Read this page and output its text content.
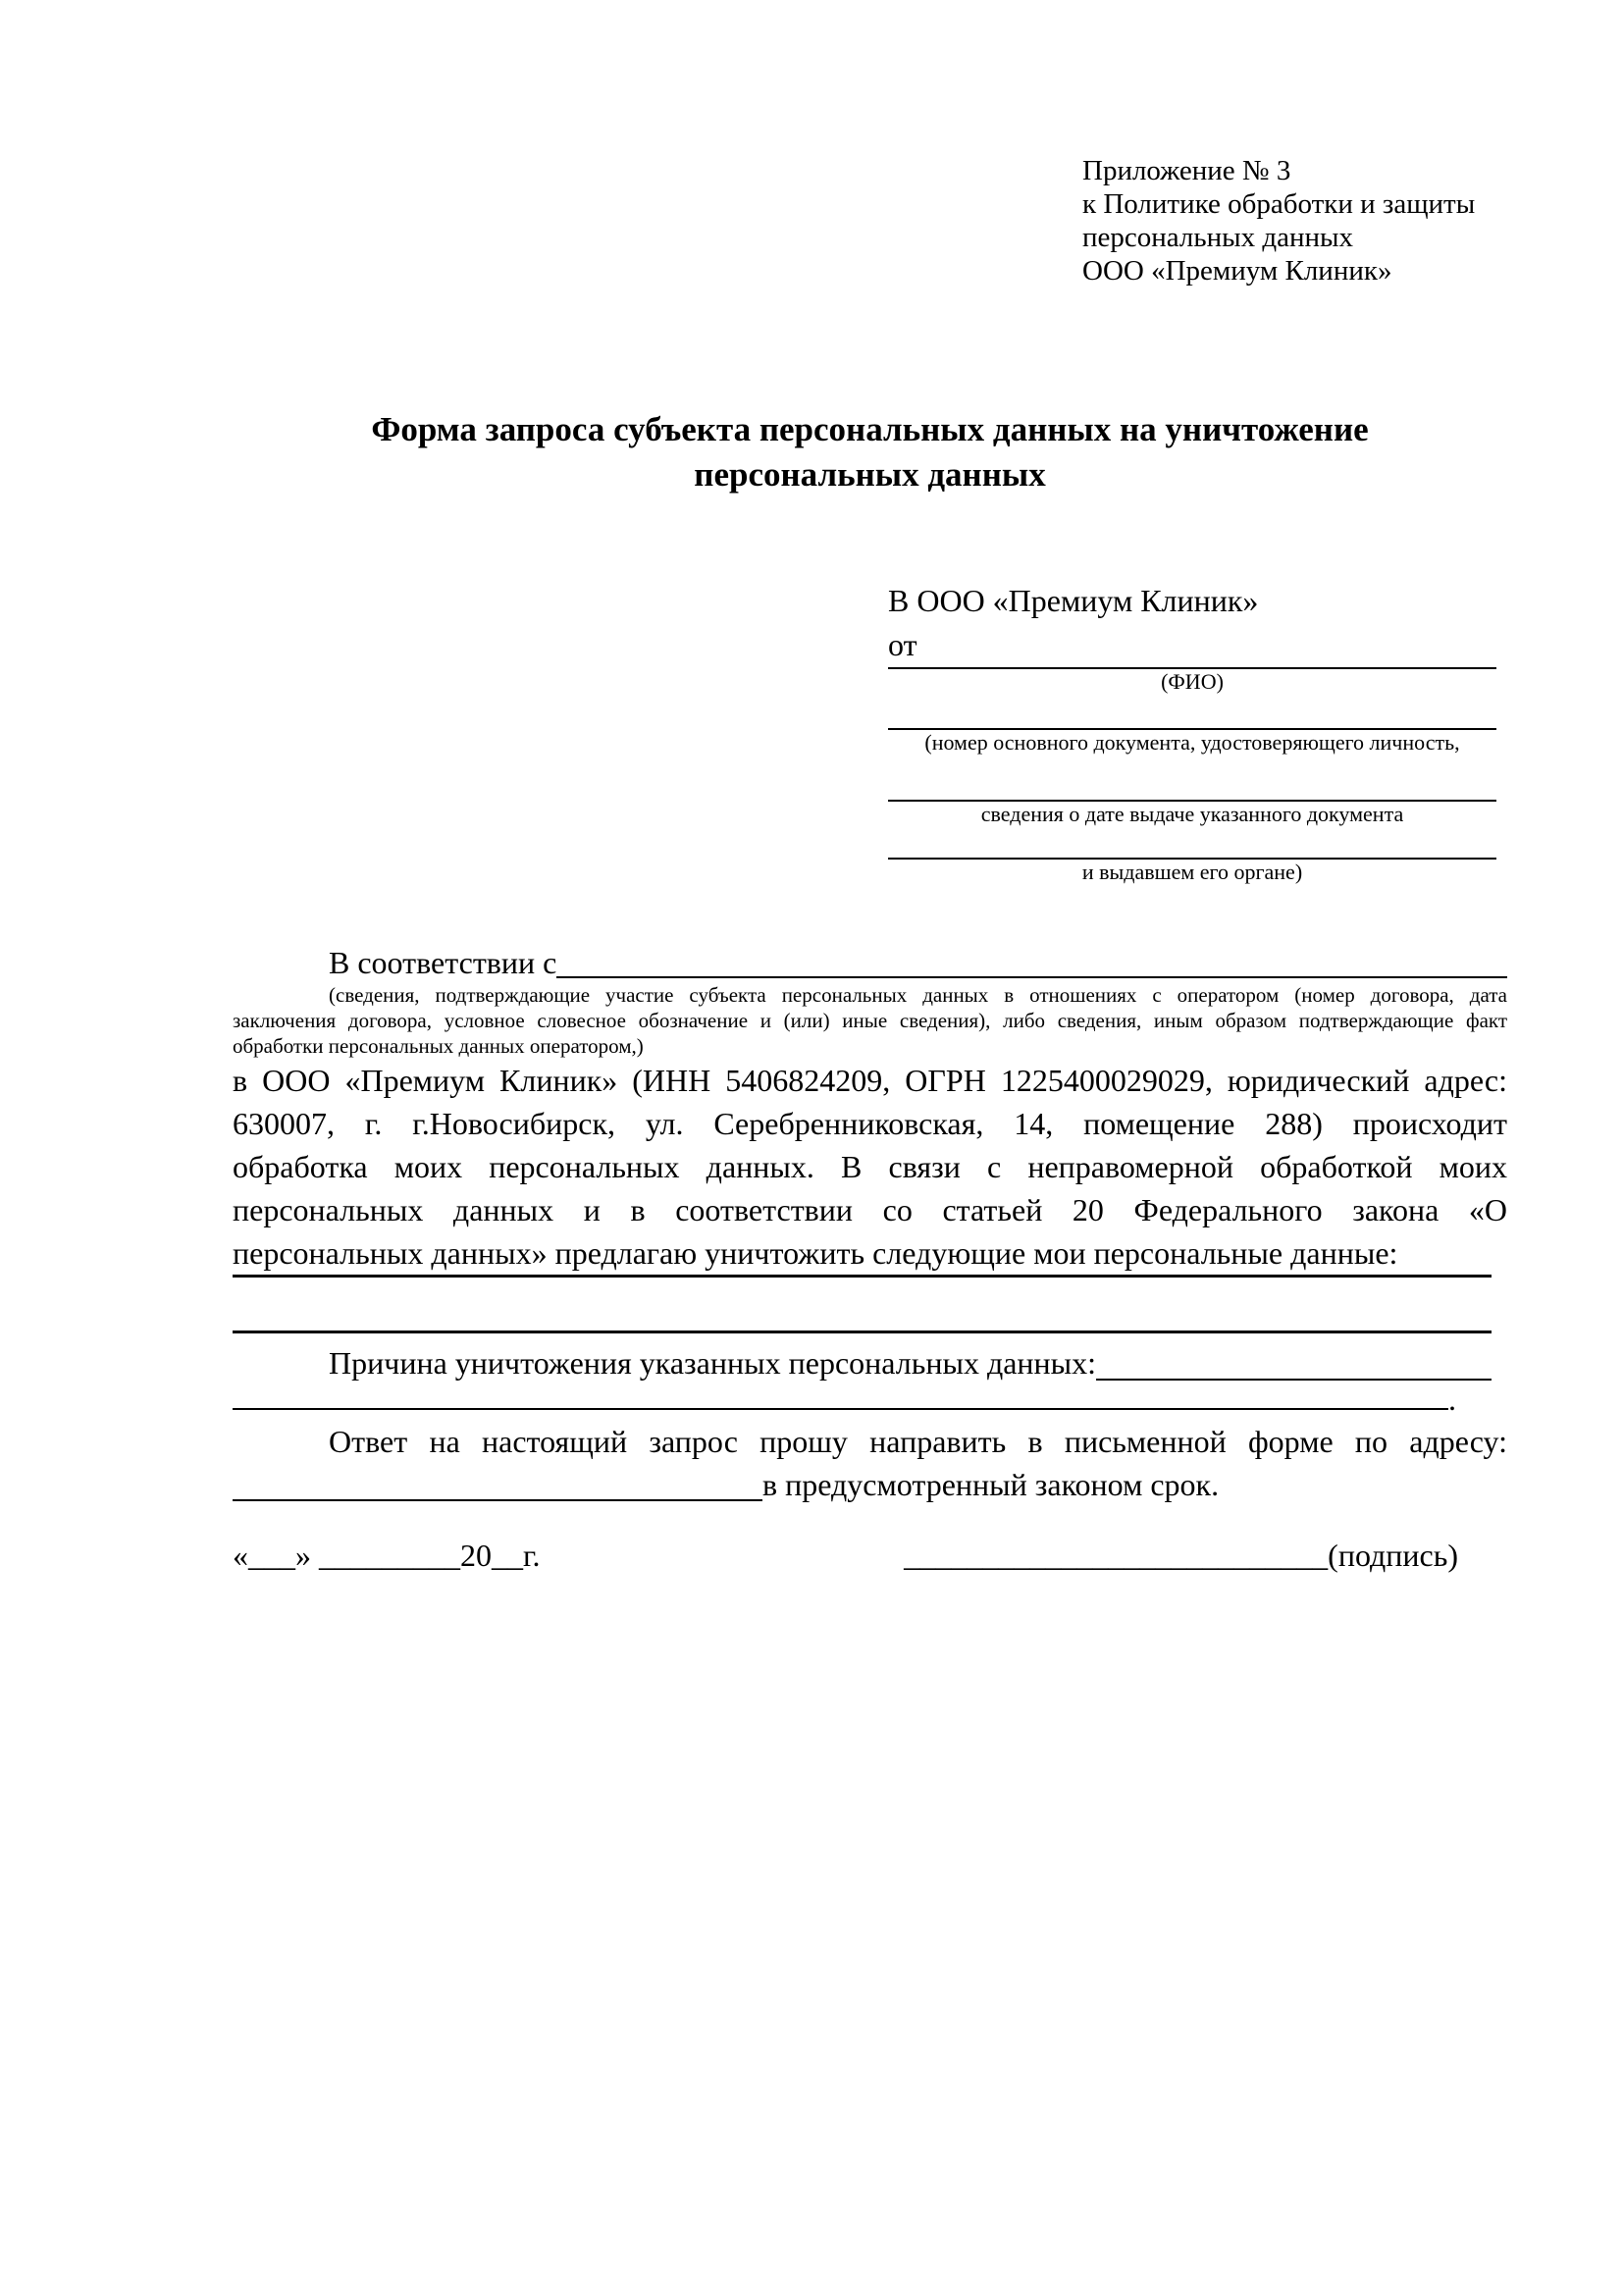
Приложение № 3
к Политике обработки и защиты
персональных данных
ООО «Премиум Клиник»
Форма запроса субъекта персональных данных на уничтожение
персональных данных
В ООО «Премиум Клиник»
от
(ФИО)
(номер основного документа, удостоверяющего личность,
сведения о дате выдаче указанного документа
и выдавшем его органе)
В соответствии с
(сведения, подтверждающие участие субъекта персональных данных в отношениях с оператором (номер договора, дата
заключения договора, условное словесное обозначение и (или) иные сведения), либо сведения, иным образом подтверждающие факт
обработки персональных данных оператором,)
в ООО «Премиум Клиник» (ИНН 5406824209, ОГРН 1225400029029, юридический адрес:
630007, г. г.Новосибирск, ул. Серебренниковская, 14, помещение 288) происходит
обработка моих персональных данных. В связи с неправомерной обработкой моих
персональных данных и в соответствии со статьей 20 Федерального закона «О
персональных данных» предлагаю уничтожить следующие мои персональные данные:
Причина уничтожения указанных персональных данных:
.
Ответ на настоящий запрос прошу направить в письменной форме по адресу:
в предусмотренный законом срок.
«___» _________20__г.	___________________________(подпись)
